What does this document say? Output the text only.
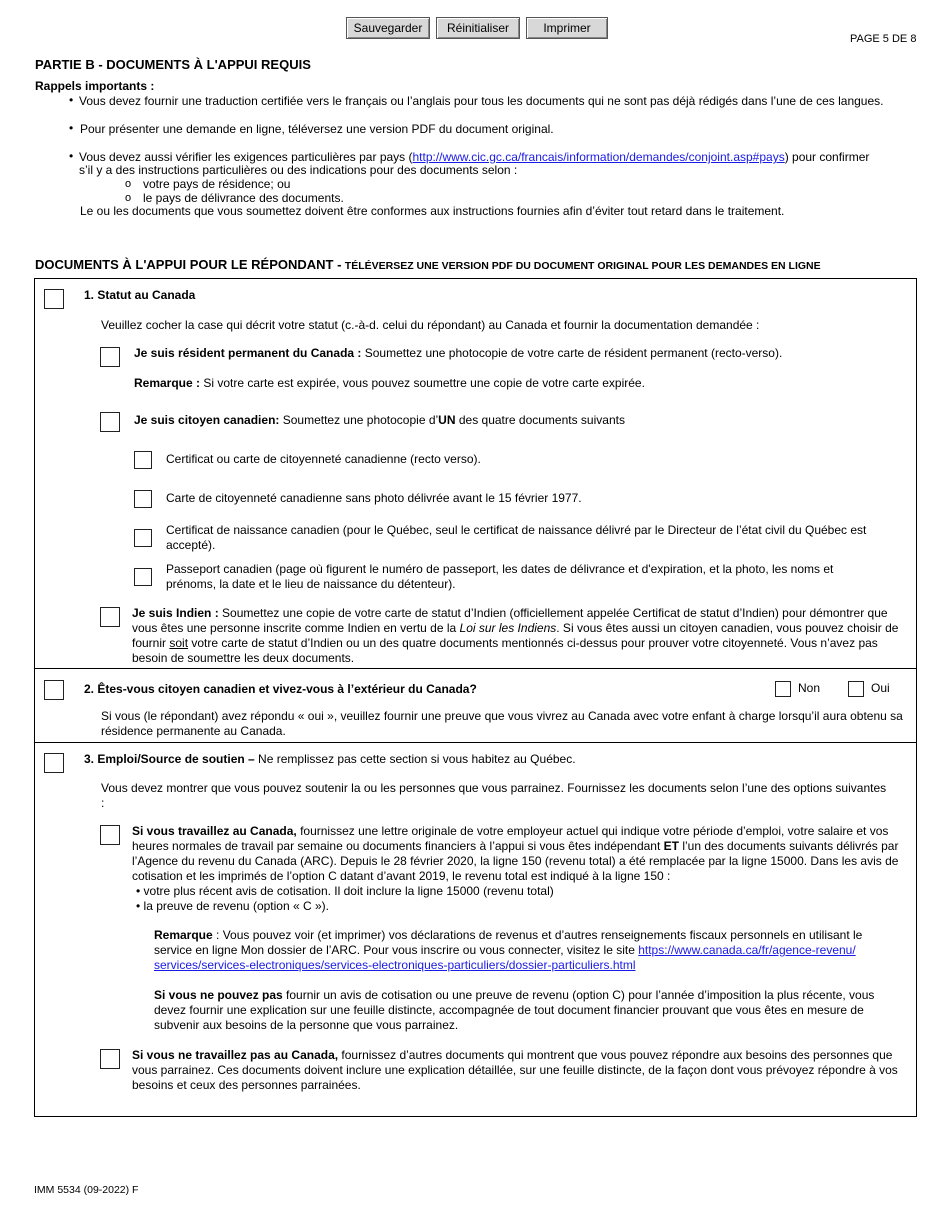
Sauvegarder	Réinitialiser	Imprimer
PAGE 5 DE 8
PARTIE B - DOCUMENTS À L'APPUI REQUIS
Rappels importants :
• Vous devez fournir une traduction certifiée vers le français ou l’anglais pour tous les documents qui ne sont pas déjà rédigés dans l’une de ces langues.
• Pour présenter une demande en ligne, téléversez une version PDF du document original.
• Vous devez aussi vérifier les exigences particulières par pays (http://www.cic.gc.ca/francais/information/demandes/conjoint.asp#pays) pour confirmer
s’il y a des instructions particulières ou des indications pour des documents selon :
o votre pays de résidence; ou
o le pays de délivrance des documents.
Le ou les documents que vous soumettez doivent être conformes aux instructions fournies afin d’éviter tout retard dans le traitement.
DOCUMENTS À L'APPUI POUR LE RÉPONDANT - TÉLÉVERSEZ UNE VERSION PDF DU DOCUMENT ORIGINAL POUR LES DEMANDES EN LIGNE
1. Statut au Canada
Veuillez cocher la case qui décrit votre statut (c.-à-d. celui du répondant) au Canada et fournir la documentation demandée :
Je suis résident permanent du Canada : Soumettez une photocopie de votre carte de résident permanent (recto-verso).
Remarque : Si votre carte est expirée, vous pouvez soumettre une copie de votre carte expirée.
Je suis citoyen canadien: Soumettez une photocopie d’UN des quatre documents suivants
Certificat ou carte de citoyenneté canadienne (recto verso).
Carte de citoyenneté canadienne sans photo délivrée avant le 15 février 1977.
Certificat de naissance canadien (pour le Québec, seul le certificat de naissance délivré par le Directeur de l’état civil du Québec est accepté).
Passeport canadien (page où figurent le numéro de passeport, les dates de délivrance et d'expiration, et la photo, les noms et prénoms, la date et le lieu de naissance du détenteur).
Je suis Indien : Soumettez une copie de votre carte de statut d’Indien (officiellement appelée Certificat de statut d’Indien) pour démontrer que vous êtes une personne inscrite comme Indien en vertu de la Loi sur les Indiens. Si vous êtes aussi un citoyen canadien, vous pouvez choisir de fournir soit votre carte de statut d’Indien ou un des quatre documents mentionnés ci-dessus pour prouver votre citoyenneté. Vous n’avez pas besoin de soumettre les deux documents.
2. Êtes-vous citoyen canadien et vivez-vous à l’extérieur du Canada?	Non	Oui
Si vous (le répondant) avez répondu « oui », veuillez fournir une preuve que vous vivrez au Canada avec votre enfant à charge lorsqu’il aura obtenu sa résidence permanente au Canada.
3. Emploi/Source de soutien – Ne remplissez pas cette section si vous habitez au Québec.
Vous devez montrer que vous pouvez soutenir la ou les personnes que vous parrainez. Fournissez les documents selon l’une des options suivantes :
Si vous travaillez au Canada, fournissez une lettre originale de votre employeur actuel qui indique votre période d’emploi, votre salaire et vos heures normales de travail par semaine ou documents financiers à l’appui si vous êtes indépendant ET l’un des documents suivants délivrés par l’Agence du revenu du Canada (ARC). Depuis le 28 février 2020, la ligne 150 (revenu total) a été remplacée par la ligne 15000. Dans les avis de cotisation et les imprimés de l’option C datant d’avant 2019, le revenu total est indiqué à la ligne 150 :
• votre plus récent avis de cotisation. Il doit inclure la ligne 15000 (revenu total)
• la preuve de revenu (option « C »).
Remarque : Vous pouvez voir (et imprimer) vos déclarations de revenus et d’autres renseignements fiscaux personnels en utilisant le service en ligne Mon dossier de l’ARC. Pour vous inscrire ou vous connecter, visitez le site https://www.canada.ca/fr/agence-revenu/
services/services-electroniques/services-electroniques-particuliers/dossier-particuliers.html
Si vous ne pouvez pas fournir un avis de cotisation ou une preuve de revenu (option C) pour l’année d’imposition la plus récente, vous devez fournir une explication sur une feuille distincte, accompagnée de tout document financier prouvant que vous êtes en mesure de subvenir aux besoins de la personne que vous parrainez.
Si vous ne travaillez pas au Canada, fournissez d’autres documents qui montrent que vous pouvez répondre aux besoins des personnes que vous parrainez. Ces documents doivent inclure une explication détaillée, sur une feuille distincte, de la façon dont vous prévoyez répondre à vos besoins et ceux des personnes parrainées.
IMM 5534 (09-2022) F
